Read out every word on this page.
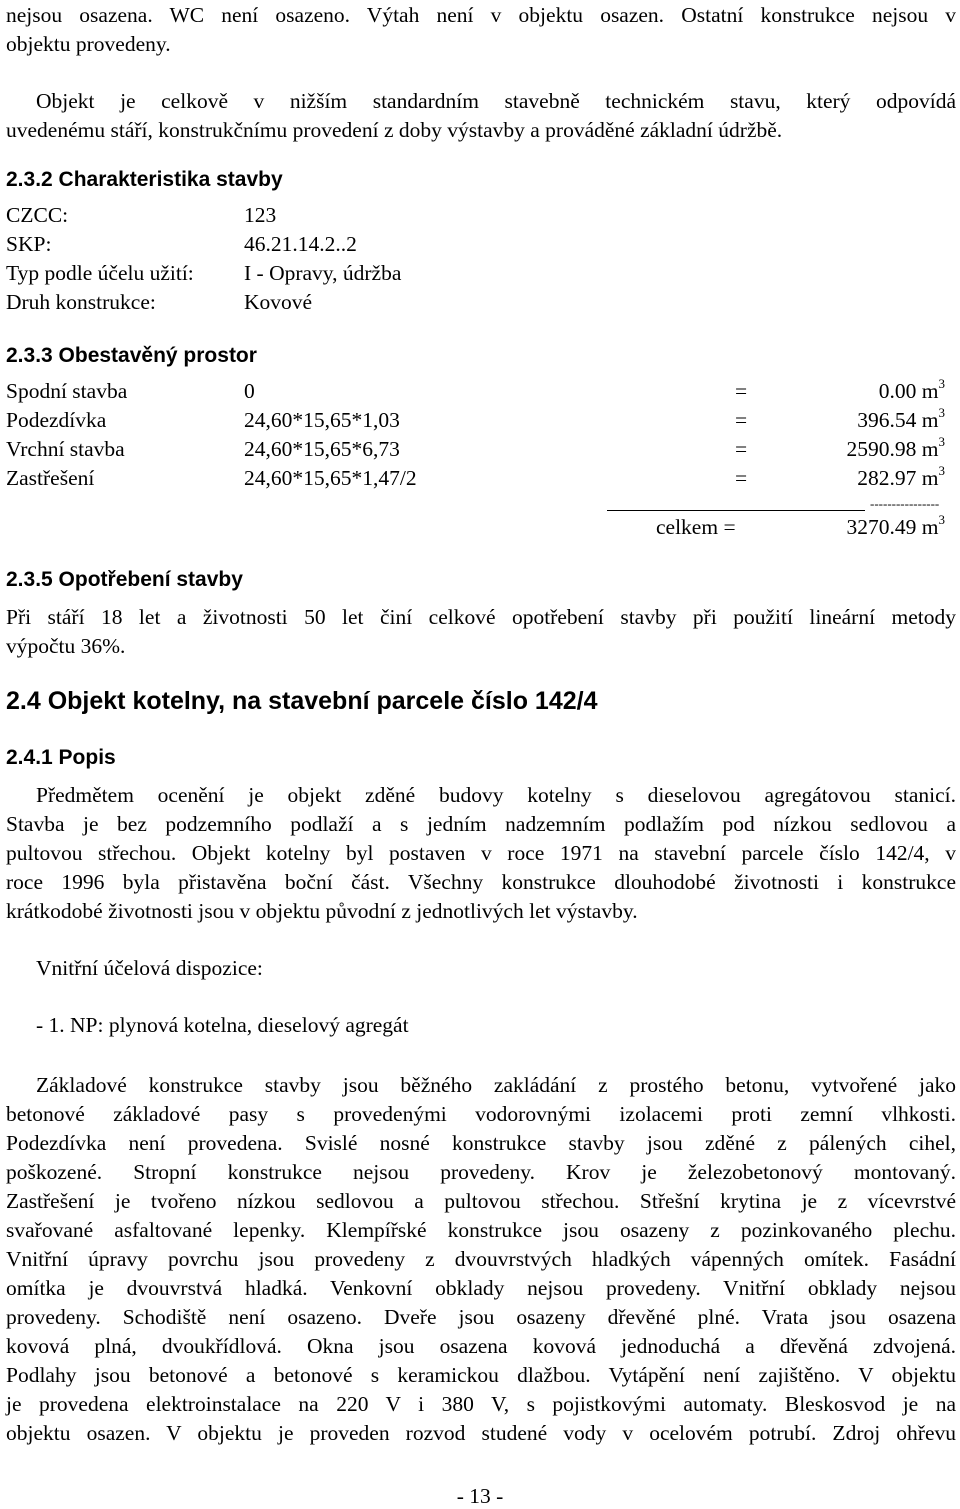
nejsou osazena. WC není osazeno. Výtah není v objektu osazen. Ostatní konstrukce nejsou v
objektu provedeny.
Objekt je celkově v nižším standardním stavebně technickém stavu, který odpovídá
uvedenému stáří, konstrukčnímu provedení z doby výstavby a prováděné základní údržbě.
2.3.2 Charakteristika stavby
CZCC:	123
SKP:	46.21.14.2..2
Typ podle účelu užití: I - Opravy, údržba
Druh konstrukce:	Kovové
2.3.3 Obestavěný prostor
Spodní stavba	0	=	0.00 $m^3$
Podezdívka	24,60*15,65*1,03	=	396.54 $m^3$
Vrchní stavba	24,60*15,65*6,73	=	2590.98 $m^3$
Zastřešení	24,60*15,65*1,47/2	=	282.97 $m^3$
----------------
celkem =	3270.49 $m^3$
2.3.5 Opotřebení stavby
Při stáří 18 let a životnosti 50 let činí celkové opotřebení stavby při použití lineární metody
výpočtu 36%.
2.4 Objekt kotelny, na stavební parcele číslo 142/4
2.4.1 Popis
Předmětem ocenění je objekt zděné budovy kotelny s dieselovou agregátovou stanicí.
Stavba je bez podzemního podlaží a s jedním nadzemním podlažím pod nízkou sedlovou a
pultovou střechou. Objekt kotelny byl postaven v roce 1971 na stavební parcele číslo 142/4, v
roce 1996 byla přistavěna boční část. Všechny konstrukce dlouhodobé životnosti i konstrukce
krátkodobé životnosti jsou v objektu původní z jednotlivých let výstavby.
Vnitřní účelová dispozice:
- 1. NP: plynová kotelna, dieselový agregát
Základové konstrukce stavby jsou běžného zakládání z prostého betonu, vytvořené jako
betonové základové pasy s provedenými vodorovnými izolacemi proti zemní vlhkosti.
Podezdívka není provedena. Svislé nosné konstrukce stavby jsou zděné z pálených cihel,
poškozené. Stropní konstrukce nejsou provedeny. Krov je železobetonový montovaný.
Zastřešení je tvořeno nízkou sedlovou a pultovou střechou. Střešní krytina je z vícevrstvé
svařované asfaltované lepenky. Klempířské konstrukce jsou osazeny z pozinkovaného plechu.
Vnitřní úpravy povrchu jsou provedeny z dvouvrstvých hladkých vápenných omítek. Fasádní
omítka je dvouvrstvá hladká. Venkovní obklady nejsou provedeny. Vnitřní obklady nejsou
provedeny. Schodiště není osazeno. Dveře jsou osazeny dřevěné plné. Vrata jsou osazena
kovová plná, dvoukřídlová. Okna jsou osazena kovová jednoduchá a dřevěná zdvojená.
Podlahy jsou betonové a betonové s keramickou dlažbou. Vytápění není zajištěno. V objektu
je provedena elektroinstalace na 220 V i 380 V, s pojistkovými automaty. Bleskosvod je na
objektu osazen. V objektu je proveden rozvod studené vody v ocelovém potrubí. Zdroj ohřevu
- 13 -
